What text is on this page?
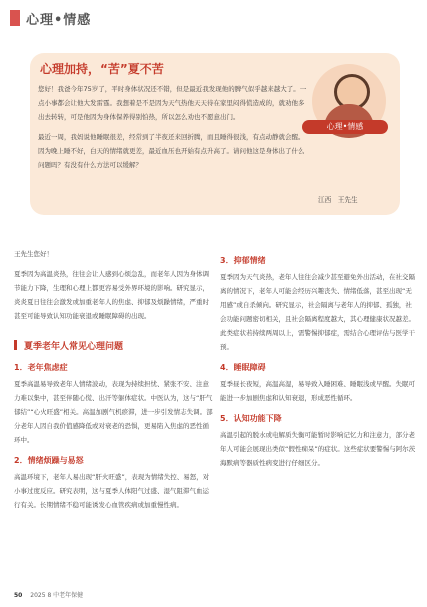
心理•情感
心理加持，“苦”夏不苦

您好！我爸今年75岁了，平时身体状况还不错，但是最近我发现他的脾气似乎越来越大了。一点小事都会让他大发雷霆。我想着是不是因为天气热他天天待在家里闷得慌造成的，就劝他多出去转转，可是他因为身体保养得别怕热，所以怎么劝也不愿意出门。

最近一周，我妈说他睡眠很差，经常到了半夜还来回折腾，而且睡得很浅，有点动静就会醒。因为晚上睡不好，白天的情绪就更差，最近血压也开始有点升高了。请问他这是身体出了什么问题吗？有没有什么方法可以缓解？

江西　王先生
心理•情感

王先生您好！

夏季因为高温炎热，往往会让人感到心烦急乱，而老年人因为身体调节能力下降，生理和心理上都更容易受外界环境的影响。研究显示，炎炎夏日往往会激发或加重老年人的焦虑、抑郁及烦躁情绪，严重时甚至可能导致认知功能衰退或睡眠障碍的出现。

夏季老年人常见心理问题
1．老年焦虑症

夏季高温易导致老年人情绪波动，表现为持续担忧、紧张不安、注意力难以集中，甚至伴随心慌、出汗等躯体症状。中医认为，这与“肝气郁结”“心火旺盛”相关。高温加剧气机瘀滞，进一步引发情志失调。部分老年人因自我价值感降低或对衰老的恐惧，更易陷入焦虑的恶性循环中。

2．情绪烦躁与易怒

高温环境下，老年人易出现“肝火旺盛”，表现为情绪失控、易怒，对小事过度反应。研究表明，这与夏季人体阳气过盛、湿气阻滞气血运行有关。长期情绪不稳可能诱发心血管疾病或加重慢性病。

3．抑郁情绪

夏季因为天气炎热，老年人往往会减少甚至避免外出活动，在社交隔离的情况下，老年人可能会经历兴趣丧失、情绪低落，甚至出现“无用感”或自杀倾向。研究显示，社会隔离与老年人的抑郁、孤独，社会功能问题密切相关，且社会隔离程度越大，其心理健康状况越差。此类症状若持续两周以上，需警惕抑郁症，需结合心理评估与医学干预。

4．睡眠障碍

夏季昼长夜短，高温高湿，易导致入睡困难、睡眠浅或早醒。失眠可能进一步加剧焦虑和认知衰退，形成恶性循环。

5．认知功能下降

高温引起的脱水或电解质失衡可能暂时影响记忆力和注意力，部分老年人可能会展现出类似“假性痴呆”的症状。这些症状要警惕与阿尔茨海默病等器质性病变进行仔细区分。

50 2025 8 中老年保健
